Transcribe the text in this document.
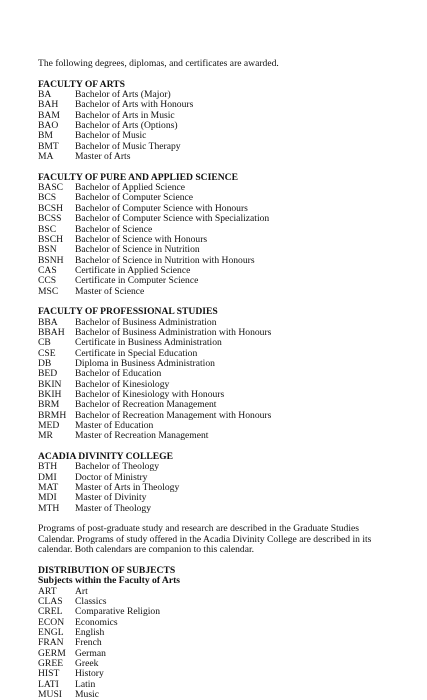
The following degrees, diplomas, and certificates are awarded.

FACULTY OF ARTS
BA	Bachelor of Arts (Major)
BAH	Bachelor of Arts with Honours
BAM	Bachelor of Arts in Music
BAO	Bachelor of Arts (Options)
BM	Bachelor of Music
BMT	Bachelor of Music Therapy
MA	Master of Arts
FACULTY OF PURE AND APPLIED SCIENCE
BASC	Bachelor of Applied Science
BCS	Bachelor of Computer Science
BCSH	Bachelor of Computer Science with Honours
BCSS	Bachelor of Computer Science with Specialization
BSC	Bachelor of Science
BSCH	Bachelor of Science with Honours
BSN	Bachelor of Science in Nutrition
BSNH	Bachelor of Science in Nutrition with Honours
CAS	Certificate in Applied Science
CCS	Certificate in Computer Science
MSC	Master of Science
FACULTY OF PROFESSIONAL STUDIES
BBA	Bachelor of Business Administration
BBAH	Bachelor of Business Administration with Honours
CB	Certificate in Business Administration
CSE	Certificate in Special Education
DB	Diploma in Business Administration
BED	Bachelor of Education
BKIN	Bachelor of Kinesiology
BKIH	Bachelor of Kinesiology with Honours
BRM	Bachelor of Recreation Management
BRMH Bachelor of Recreation Management with Honours
MED	Master of Education
MR	Master of Recreation Management
ACADIA DIVINITY COLLEGE
BTH	Bachelor of Theology
DMI	Doctor of Ministry
MAT	Master of Arts in Theology
MDI	Master of Divinity
MTH	Master of Theology
Programs of post-graduate study and research are described in the Graduate Studies Calendar. Programs of study offered in the Acadia Divinity College are described in its calendar. Both calendars are companion to this calendar.
DISTRIBUTION OF SUBJECTS
Subjects within the Faculty of Arts
ART	Art
CLAS	Classics
CREL	Comparative Religion
ECON	Economics
ENGL	English
FRAN	French
GERM German
GREE	Greek
HIST	History
LATI	Latin
MUSI	Music
